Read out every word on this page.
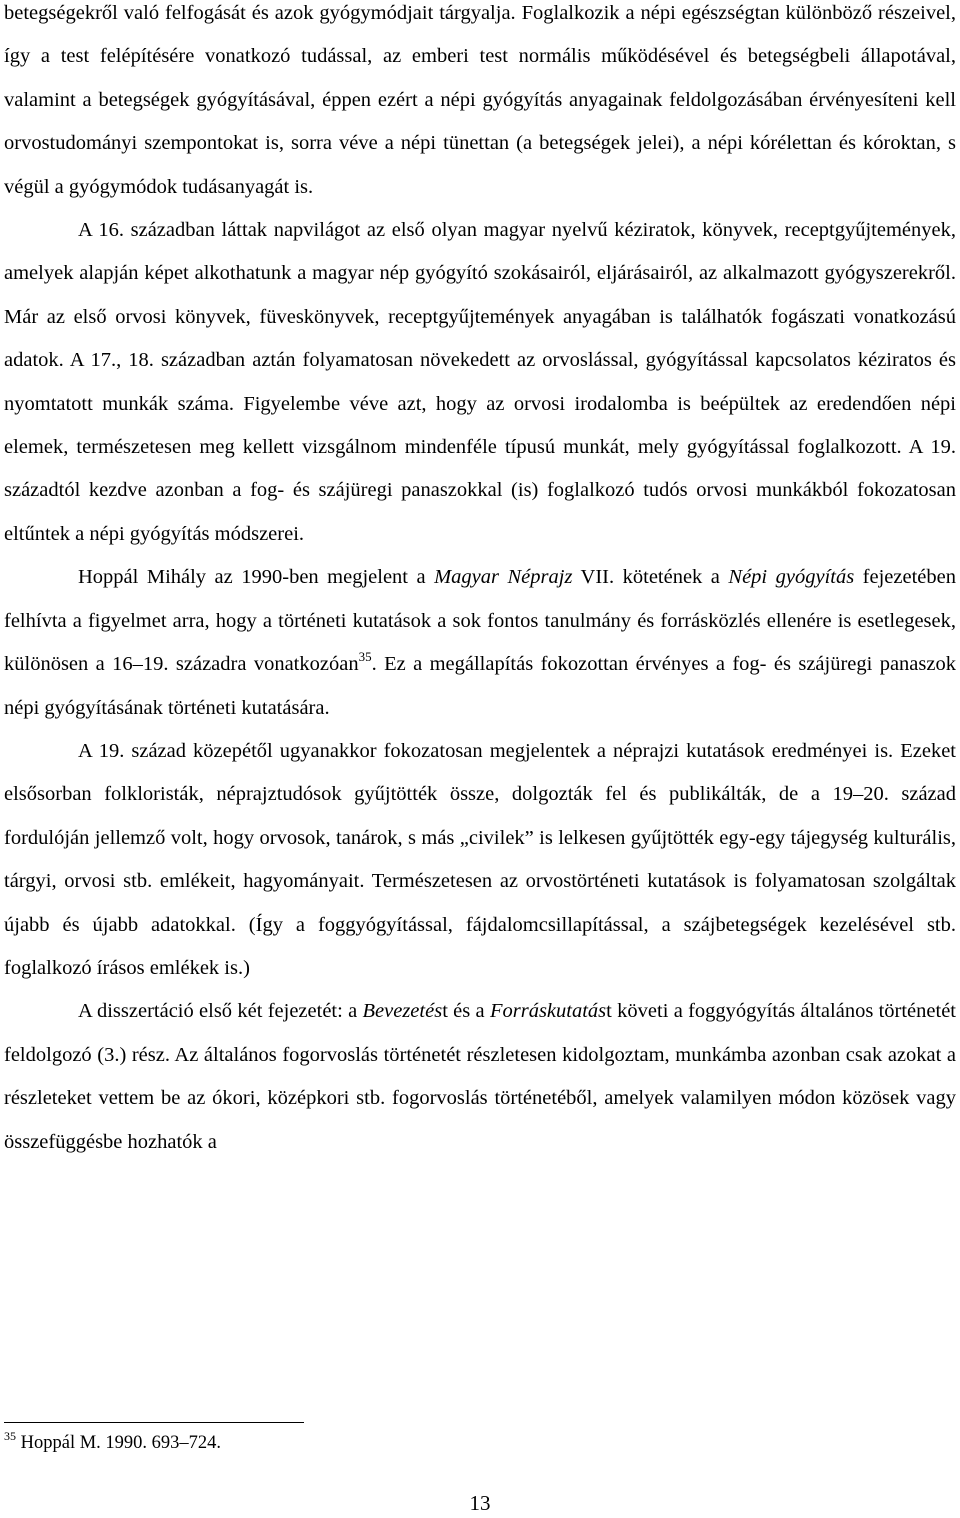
betegségekről való felfogását és azok gyógymódjait tárgyalja. Foglalkozik a népi egészségtan különböző részeivel, így a test felépítésére vonatkozó tudással, az emberi test normális működésével és betegségbeli állapotával, valamint a betegségek gyógyításával, éppen ezért a népi gyógyítás anyagainak feldolgozásában érvényesíteni kell orvostudományi szempontokat is, sorra véve a népi tünettan (a betegségek jelei), a népi kórélettan és kóroktan, s végül a gyógymódok tudásanyagát is.

A 16. században láttak napvilágot az első olyan magyar nyelvű kéziratok, könyvek, receptgyűjtemények, amelyek alapján képet alkothatunk a magyar nép gyógyító szokásairól, eljárásairól, az alkalmazott gyógyszerekről. Már az első orvosi könyvek, füveskönyvek, receptgyűjtemények anyagában is találhatók fogászati vonatkozású adatok. A 17., 18. században aztán folyamatosan növekedett az orvoslással, gyógyítással kapcsolatos kéziratos és nyomtatott munkák száma. Figyelembe véve azt, hogy az orvosi irodalomba is beépültek az eredendően népi elemek, természetesen meg kellett vizsgálnom mindenféle típusú munkát, mely gyógyítással foglalkozott. A 19. századtól kezdve azonban a fog- és szájüregi panaszokkal (is) foglalkozó tudós orvosi munkákból fokozatosan eltűntek a népi gyógyítás módszerei.

Hoppál Mihály az 1990-ben megjelent a Magyar Néprajz VII. kötetének a Népi gyógyítás fejezetében felhívta a figyelmet arra, hogy a történeti kutatások a sok fontos tanulmány és forrásközlés ellenére is esetlegesek, különösen a 16–19. századra vonatkozóan$^{35}$. Ez a megállapítás fokozottan érvényes a fog- és szájüregi panaszok népi gyógyításának történeti kutatására.

A 19. század közepétől ugyanakkor fokozatosan megjelentek a néprajzi kutatások eredményei is. Ezeket elsősorban folkloristák, néprajztudósok gyűjtötték össze, dolgozták fel és publikálták, de a 19–20. század fordulóján jellemző volt, hogy orvosok, tanárok, s más „civilek” is lelkesen gyűjtötték egy-egy tájegység kulturális, tárgyi, orvosi stb. emlékeit, hagyományait. Természetesen az orvostörténeti kutatások is folyamatosan szolgáltak újabb és újabb adatokkal. (Így a foggyógyítással, fájdalomcsillapítással, a szájbetegségek kezelésével stb. foglalkozó írásos emlékek is.)

A disszertáció első két fejezetét: a Bevezetést és a Forráskutatást követi a foggyógyítás általános történetét feldolgozó (3.) rész. Az általános fogorvoslás történetét részletesen kidolgoztam, munkámba azonban csak azokat a részleteket vettem be az ókori, középkori stb. fogorvoslás történetéből, amelyek valamilyen módon közösek vagy összefüggésbe hozhatók a

$^{35}$ Hoppál M. 1990. 693–724.
13
